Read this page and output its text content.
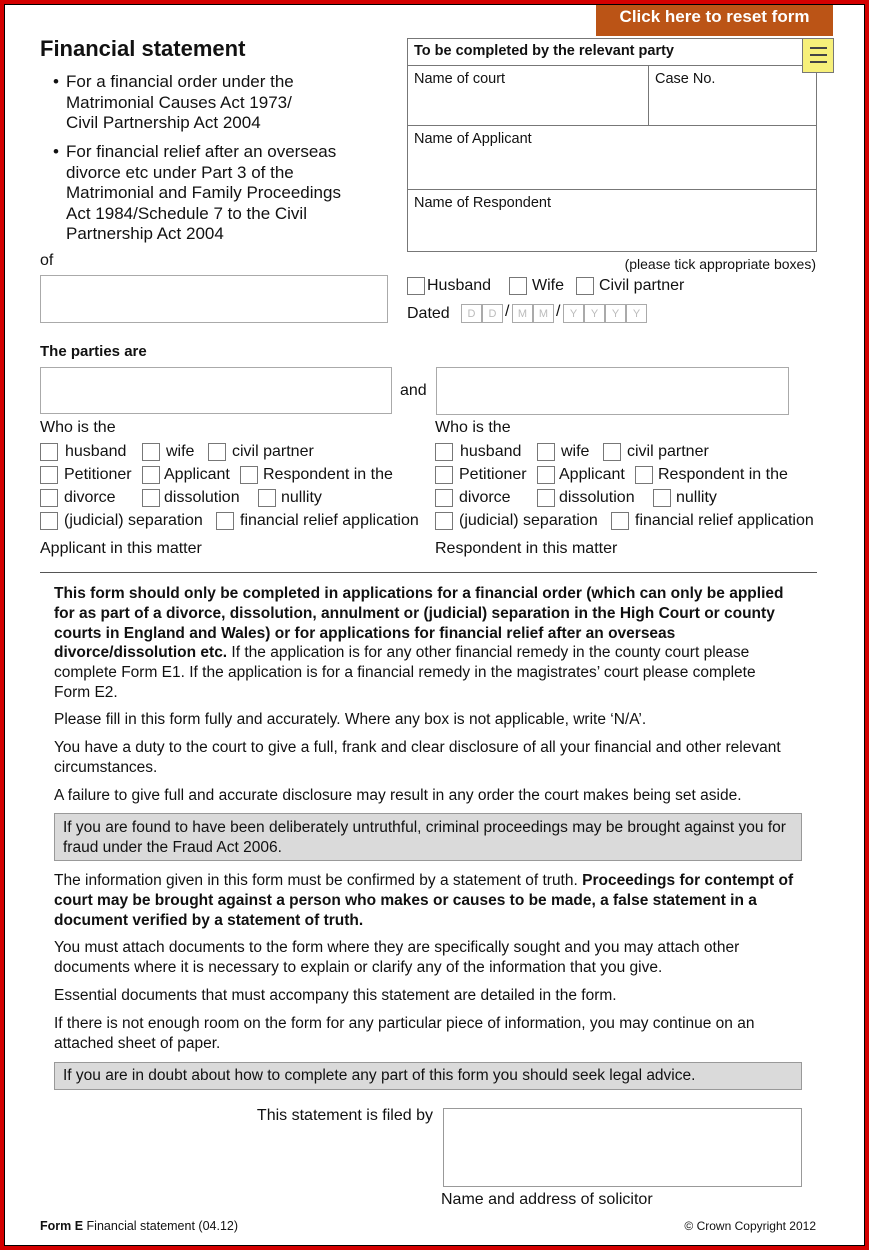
Click here to reset form
Financial statement
• For a financial order under the
Matrimonial Causes Act 1973/
Civil Partnership Act 2004
• For financial relief after an overseas
divorce etc under Part 3 of the
Matrimonial and Family Proceedings
Act 1984/Schedule 7 to the Civil
Partnership Act 2004
of
To be completed by the relevant party
Name of court	Case No.
Name of Applicant
Name of Respondent
(please tick appropriate boxes)
Husband	Wife Civil partner
Dated	D	D / M	M / Y	Y	Y	Y
The parties are
and
Who is the
husband wife civil partner
Petitioner Applicant Respondent in the
divorce	dissolution	nullity
(judicial) separation financial relief application
Applicant in this matter
Who is the
husband wife civil partner
Petitioner Applicant Respondent in the
divorce	dissolution	nullity
(judicial) separation financial relief application
Respondent in this matter
This form should only be completed in applications for a financial order (which can only be applied for as part of a divorce, dissolution, annulment or (judicial) separation in the High Court or county courts in England and Wales) or for applications for financial relief after an overseas divorce/dissolution etc. If the application is for any other financial remedy in the county court please complete Form E1. If the application is for a financial remedy in the magistrates’ court please complete Form E2.
Please fill in this form fully and accurately. Where any box is not applicable, write ‘N/A’.
You have a duty to the court to give a full, frank and clear disclosure of all your financial and other relevant circumstances.
A failure to give full and accurate disclosure may result in any order the court makes being set aside.
If you are found to have been deliberately untruthful, criminal proceedings may be brought against you for fraud under the Fraud Act 2006.
The information given in this form must be confirmed by a statement of truth. Proceedings for contempt of court may be brought against a person who makes or causes to be made, a false statement in a document verified by a statement of truth.
You must attach documents to the form where they are specifically sought and you may attach other documents where it is necessary to explain or clarify any of the information that you give.
Essential documents that must accompany this statement are detailed in the form.
If there is not enough room on the form for any particular piece of information, you may continue on an attached sheet of paper.
If you are in doubt about how to complete any part of this form you should seek legal advice.
This statement is filed by
Name and address of solicitor
Form E Financial statement (04.12)	© Crown Copyright 2012
